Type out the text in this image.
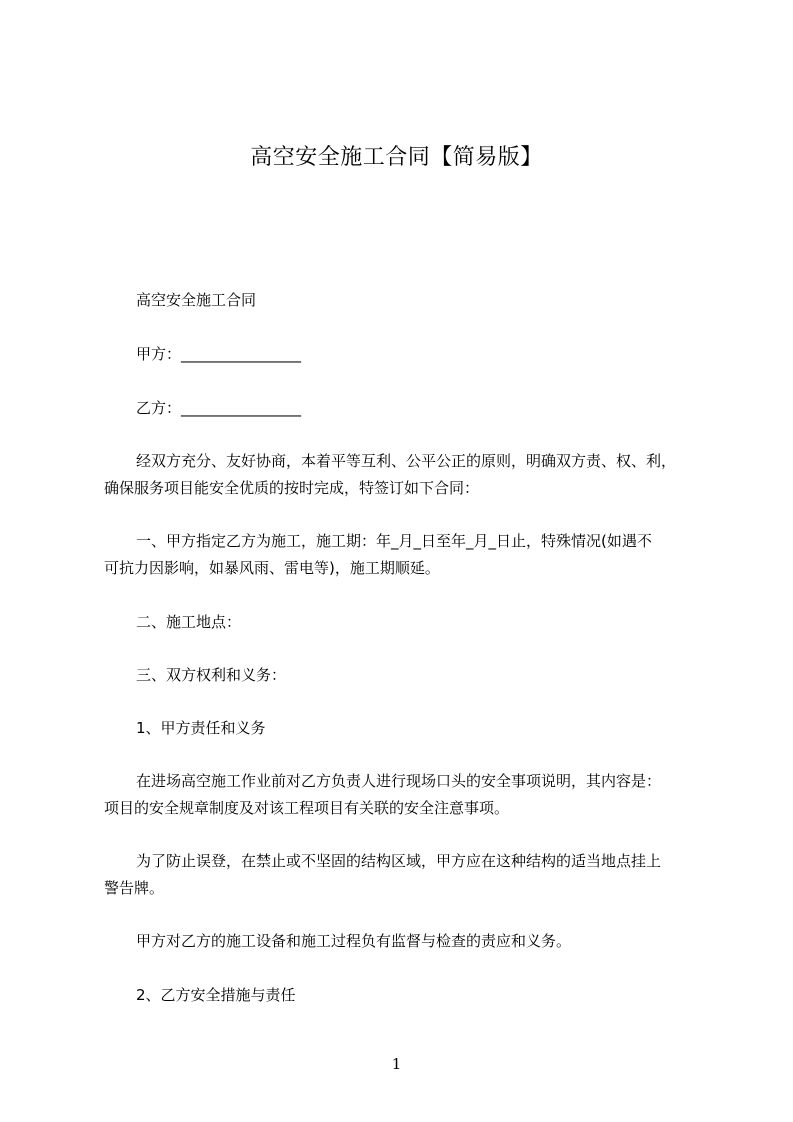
高空安全施工合同【简易版】
高空安全施工合同
甲方：________________
乙方：________________
经双方充分、友好协商，本着平等互利、公平公正的原则，明确双方责、权、利，
确保服务项目能安全优质的按时完成，特签订如下合同：
一、甲方指定乙方为施工，施工期：年_月_日至年_月_日止，特殊情况(如遇不
可抗力因影响，如暴风雨、雷电等)，施工期顺延。
二、施工地点：
三、双方权利和义务：
1、甲方责任和义务
在进场高空施工作业前对乙方负责人进行现场口头的安全事项说明，其内容是：
项目的安全规章制度及对该工程项目有关联的安全注意事项。
为了防止误登，在禁止或不坚固的结构区域，甲方应在这种结构的适当地点挂上
警告牌。
甲方对乙方的施工设备和施工过程负有监督与检查的责应和义务。
2、乙方安全措施与责任
1
